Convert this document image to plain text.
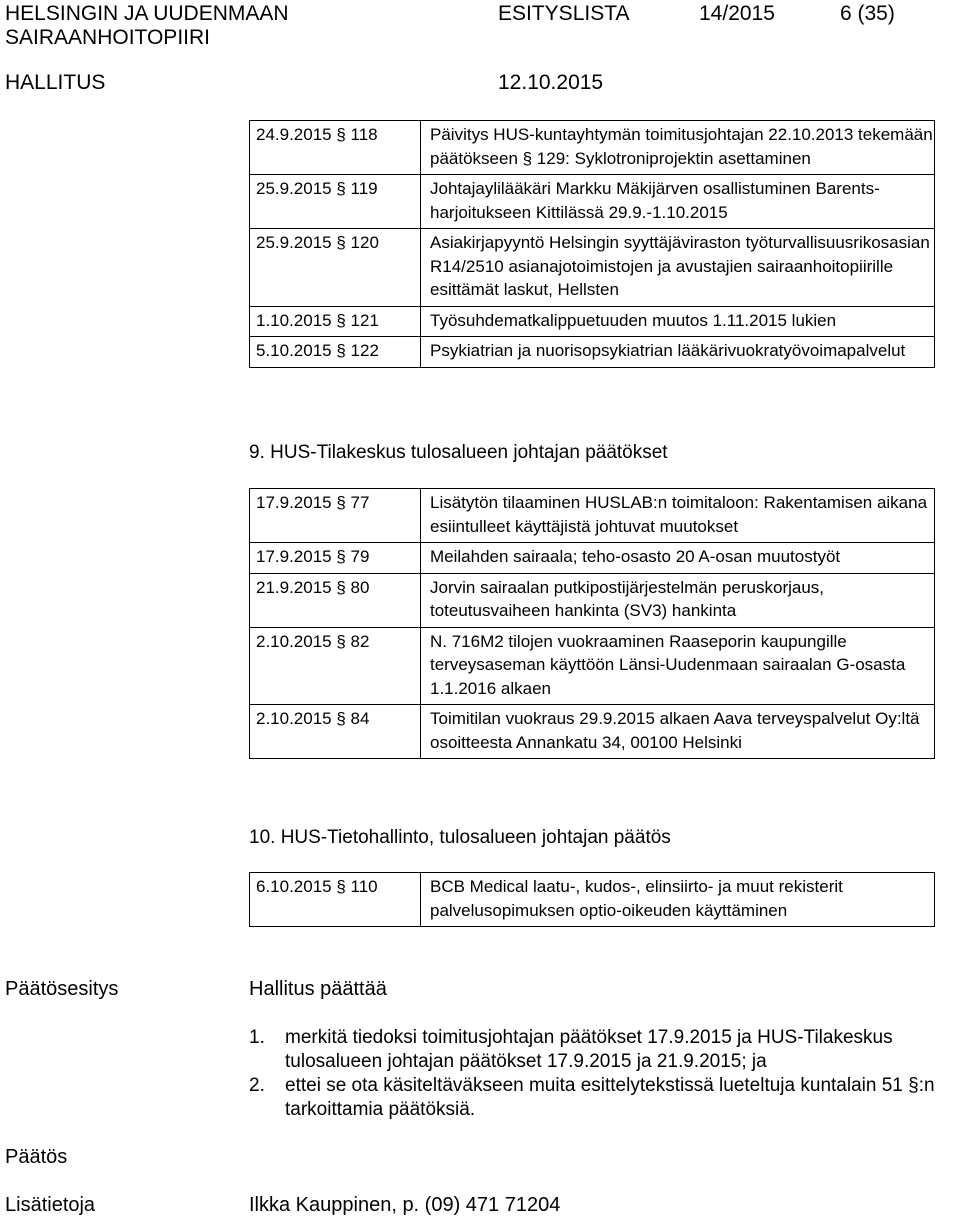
HELSINGIN JA UUDENMAAN
SAIRAANHOITOPIIRI
HALLITUS
ESITYSLISTA	14/2015	6 (35)
12.10.2015
24.9.2015 § 118	Päivitys HUS-kuntayhtymän toimitusjohtajan 22.10.2013 tekemään päätökseen § 129: Syklotroniprojektin asettaminen
25.9.2015 § 119	Johtajaylilääkäri Markku Mäkijärven osallistuminen Barents-harjoitukseen Kittilässä 29.9.-1.10.2015
25.9.2015 § 120	Asiakirjapyyntö Helsingin syyttäjäviraston työturvallisuusrikosasian R14/2510 asianajotoimistojen ja avustajien sairaanhoitopiirille esittämät laskut, Hellsten
1.10.2015 § 121	Työsuhdematkalippuetuuden muutos 1.11.2015 lukien
5.10.2015 § 122	Psykiatrian ja nuorisopsykiatrian lääkärivuokratyövoimapalvelut

9. HUS-Tilakeskus tulosalueen johtajan päätökset

17.9.2015 § 77	Lisätytön tilaaminen HUSLAB:n toimitaloon: Rakentamisen aikana esiintulleet käyttäjistä johtuvat muutokset
17.9.2015 § 79	Meilahden sairaala; teho-osasto 20 A-osan muutostyöt
21.9.2015 § 80	Jorvin sairaalan putkipostijärjestelmän peruskorjaus, toteutusvaiheen hankinta (SV3) hankinta
2.10.2015 § 82	N. 716M2 tilojen vuokraaminen Raaseporin kaupungille terveysaseman käyttöön Länsi-Uudenmaan sairaalan G-osasta 1.1.2016 alkaen
2.10.2015 § 84	Toimitilan vuokraus 29.9.2015 alkaen Aava terveyspalvelut Oy:ltä osoitteesta Annankatu 34, 00100 Helsinki

10. HUS-Tietohallinto, tulosalueen johtajan päätös

6.10.2015 § 110	BCB Medical laatu-, kudos-, elinsiirto- ja muut rekisterit palvelusopimuksen optio-oikeuden käyttäminen
Päätösesitys	Hallitus päättää
1. merkitä tiedoksi toimitusjohtajan päätökset 17.9.2015 ja HUS-Tilakeskus tulosalueen johtajan päätökset 17.9.2015 ja 21.9.2015; ja
2. ettei se ota käsiteltäväkseen muita esittelytekstissä lueteltuja kuntalain 51 §:n tarkoittamia päätöksiä.
Päätös
Lisätietoja	Ilkka Kauppinen, p. (09) 471 71204
